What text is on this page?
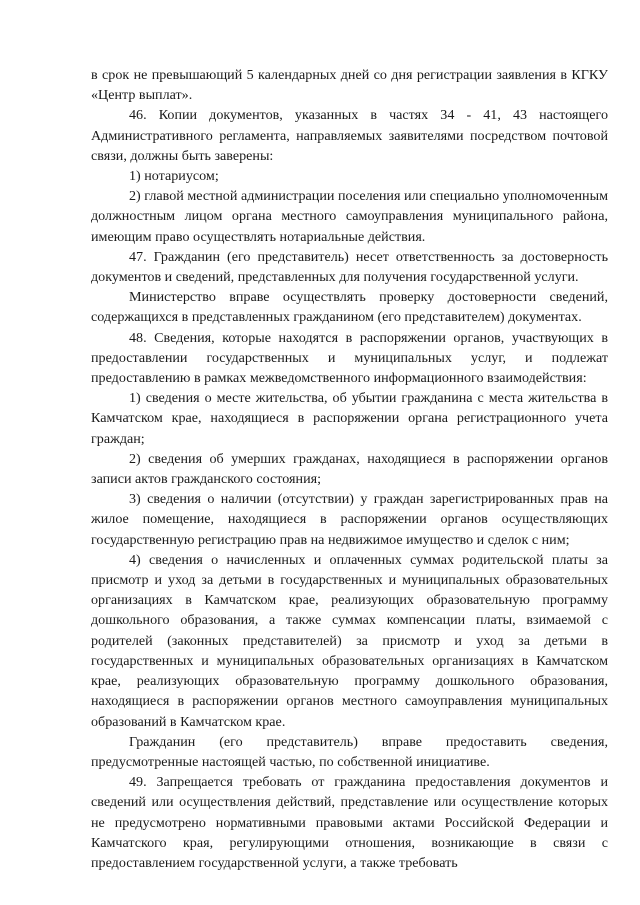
в срок не превышающий 5 календарных дней со дня регистрации заявления в КГКУ «Центр выплат».

46. Копии документов, указанных в частях 34 - 41, 43 настоящего Административного регламента, направляемых заявителями посредством почтовой связи, должны быть заверены:

1) нотариусом;

2) главой местной администрации поселения или специально уполномоченным должностным лицом органа местного самоуправления муниципального района, имеющим право осуществлять нотариальные действия.

47. Гражданин (его представитель) несет ответственность за достоверность документов и сведений, представленных для получения государственной услуги.

Министерство вправе осуществлять проверку достоверности сведений, содержащихся в представленных гражданином (его представителем) документах.

48. Сведения, которые находятся в распоряжении органов, участвующих в предоставлении государственных и муниципальных услуг, и подлежат предоставлению в рамках межведомственного информационного взаимодействия:

1) сведения о месте жительства, об убытии гражданина с места жительства в Камчатском крае, находящиеся в распоряжении органа регистрационного учета граждан;

2) сведения об умерших гражданах, находящиеся в распоряжении органов записи актов гражданского состояния;

3) сведения о наличии (отсутствии) у граждан зарегистрированных прав на жилое помещение, находящиеся в распоряжении органов осуществляющих государственную регистрацию прав на недвижимое имущество и сделок с ним;

4) сведения о начисленных и оплаченных суммах родительской платы за присмотр и уход за детьми в государственных и муниципальных образовательных организациях в Камчатском крае, реализующих образовательную программу дошкольного образования, а также суммах компенсации платы, взимаемой с родителей (законных представителей) за присмотр и уход за детьми в государственных и муниципальных образовательных организациях в Камчатском крае, реализующих образовательную программу дошкольного образования, находящиеся в распоряжении органов местного самоуправления муниципальных образований в Камчатском крае.

Гражданин (его представитель) вправе предоставить сведения, предусмотренные настоящей частью, по собственной инициативе.

49. Запрещается требовать от гражданина предоставления документов и сведений или осуществления действий, представление или осуществление которых не предусмотрено нормативными правовыми актами Российской Федерации и Камчатского края, регулирующими отношения, возникающие в связи с предоставлением государственной услуги, а также требовать
